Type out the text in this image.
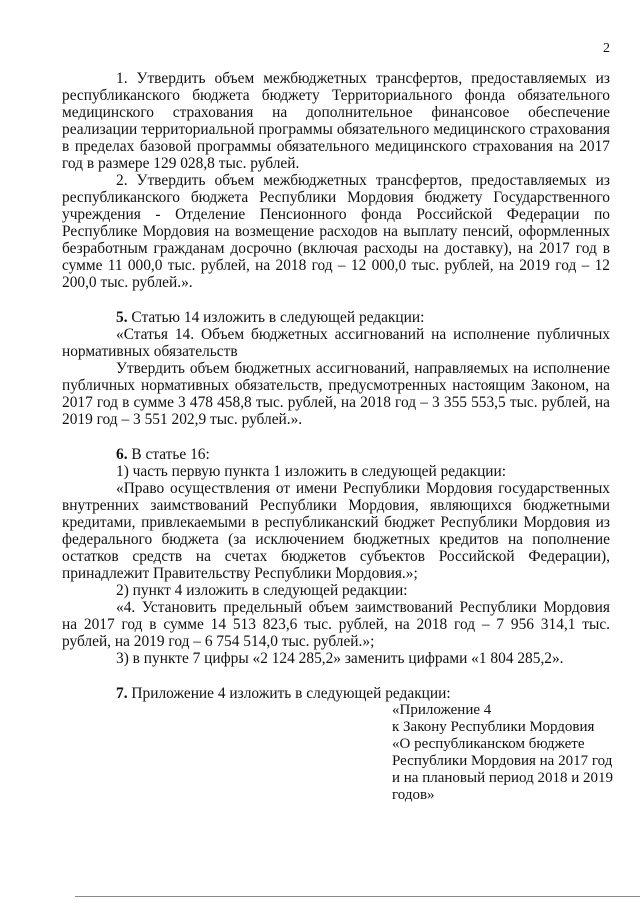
2

1. Утвердить объем межбюджетных трансфертов, предоставляемых из республиканского бюджета бюджету Территориального фонда обязательного медицинского страхования на дополнительное финансовое обеспечение реализации территориальной программы обязательного медицинского страхования в пределах базовой программы обязательного медицинского страхования на 2017 год в размере 129 028,8 тыс. рублей.

2. Утвердить объем межбюджетных трансфертов, предоставляемых из республиканского бюджета Республики Мордовия бюджету Государственного учреждения - Отделение Пенсионного фонда Российской Федерации по Республике Мордовия на возмещение расходов на выплату пенсий, оформленных безработным гражданам досрочно (включая расходы на доставку), на 2017 год в сумме 11 000,0 тыс. рублей, на 2018 год – 12 000,0 тыс. рублей, на 2019 год – 12 200,0 тыс. рублей.».

5. Статью 14 изложить в следующей редакции:

«Статья 14. Объем бюджетных ассигнований на исполнение публичных нормативных обязательств

Утвердить объем бюджетных ассигнований, направляемых на исполнение публичных нормативных обязательств, предусмотренных настоящим Законом, на 2017 год в сумме 3 478 458,8 тыс. рублей, на 2018 год – 3 355 553,5 тыс. рублей, на 2019 год – 3 551 202,9 тыс. рублей.».

6. В статье 16:

1) часть первую пункта 1 изложить в следующей редакции:

«Право осуществления от имени Республики Мордовия государственных внутренних заимствований Республики Мордовия, являющихся бюджетными кредитами, привлекаемыми в республиканский бюджет Республики Мордовия из федерального бюджета (за исключением бюджетных кредитов на пополнение остатков средств на счетах бюджетов субъектов Российской Федерации), принадлежит Правительству Республики Мордовия.»;

2) пункт 4 изложить в следующей редакции:

«4. Установить предельный объем заимствований Республики Мордовия на 2017 год в сумме 14 513 823,6 тыс. рублей, на 2018 год – 7 956 314,1 тыс. рублей, на 2019 год – 6 754 514,0 тыс. рублей.»;

3) в пункте 7 цифры «2 124 285,2» заменить цифрами «1 804 285,2».

7. Приложение 4 изложить в следующей редакции:

«Приложение 4
к Закону Республики Мордовия
«О республиканском бюджете
Республики Мордовия на 2017 год
и на плановый период 2018 и 2019
годов»
